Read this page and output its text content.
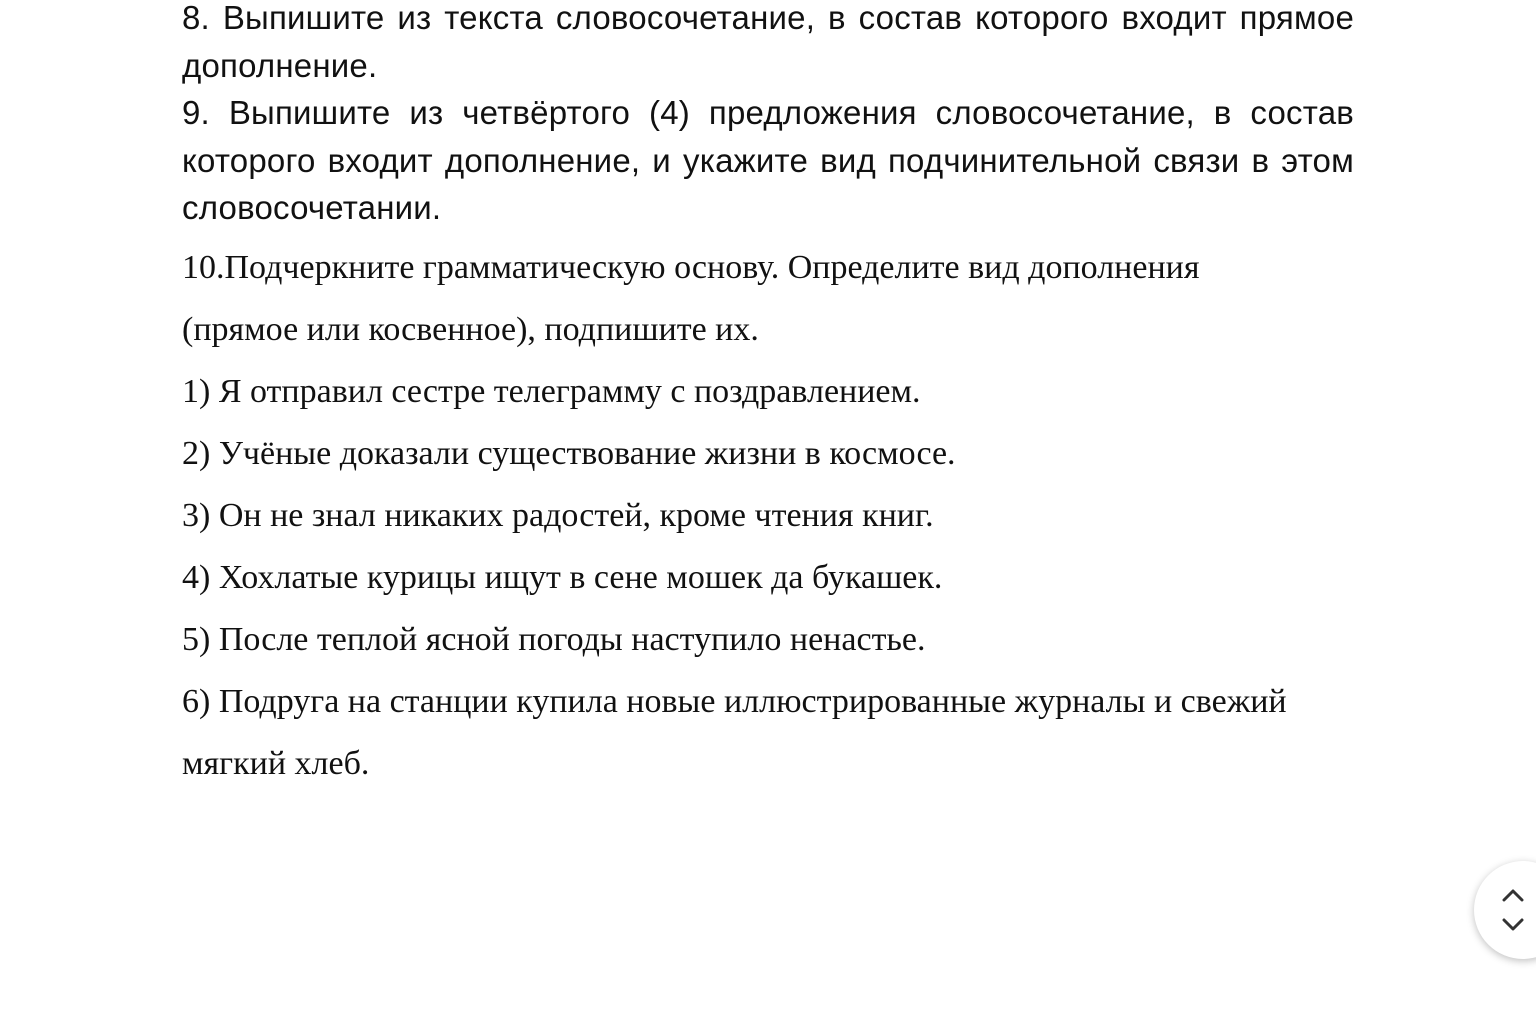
8. Выпишите из текста словосочетание, в состав которого входит прямое дополнение.

9. Выпишите из четвёртого (4) предложения словосочетание, в состав которого входит дополнение, и укажите вид подчинительной связи в этом словосочетании.

10.Подчеркните грамматическую основу. Определите вид дополнения

(прямое или косвенное), подпишите их.

1) Я отправил сестре телеграмму с поздравлением.

2) Учёные доказали существование жизни в космосе.

3) Он не знал никаких радостей, кроме чтения книг.

4) Хохлатые курицы ищут в сене мошек да букашек.

5) После теплой ясной погоды наступило ненастье.

6) Подруга на станции купила новые иллюстрированные журналы и свежий

мягкий хлеб.
